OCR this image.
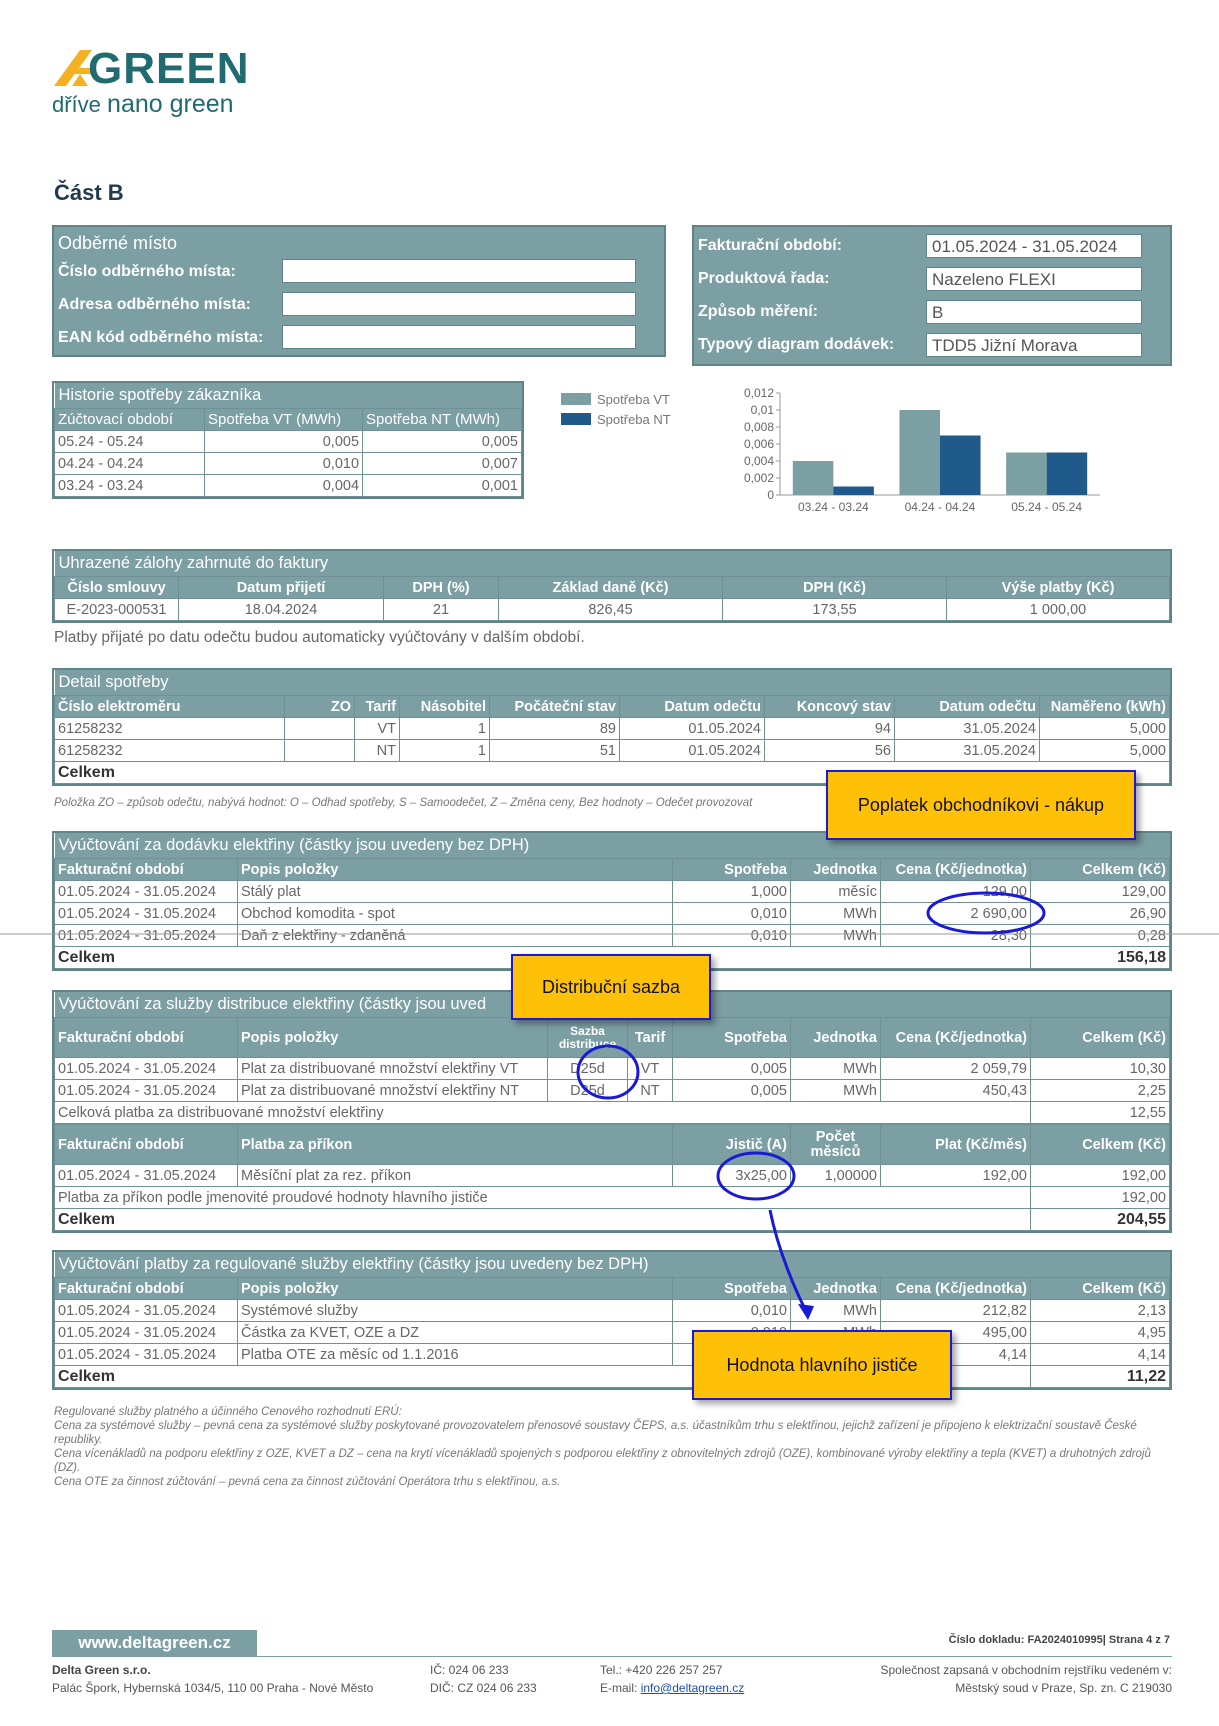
GREEN
dříve nano green
Část B
Odběrné místo
Číslo odběrného místa:
Adresa odběrného místa:
EAN kód odběrného místa:
Fakturační období:	01.05.2024 - 31.05.2024
Produktová řada:	Nazeleno FLEXI
Způsob měření:	B
Typový diagram dodávek:	TDD5 Jižní Morava
Historie spotřeby zákazníka		
Zúčtovací období	Spotřeba VT (MWh)	Spotřeba NT (MWh)
05.24 - 05.24	0,005	0,005
04.24 - 04.24	0,010	0,007
03.24 - 03.24	0,004	0,001
Spotřeba VT
Spotřeba NT
0
0,002
0,004
0,006
0,008
0,01
0,012
03.24 - 03.24	04.24 - 04.24	05.24 - 05.24
Uhrazené zálohy zahrnuté do faktury					
Číslo smlouvy	Datum přijetí	DPH (%)	Základ daně (Kč)	DPH (Kč)	Výše platby (Kč)
E-2023-000531	18.04.2024	21	826,45	173,55	1 000,00
Platby přijaté po datu odečtu budou automaticky vyúčtovány v dalším období.
Detail spotřeby								
Číslo elektroměru	ZO	Tarif	Násobitel	Počáteční stav	Datum odečtu	Koncový stav	Datum odečtu	Naměřeno (kWh)
61258232		VT	1	89	01.05.2024	94	31.05.2024	5,000
61258232		NT	1	51	01.05.2024	56	31.05.2024	5,000
Celkem								
Položka ZO – způsob odečtu, nabývá hodnot: O – Odhad spotřeby, S – Samoodečet, Z – Změna ceny, Bez hodnoty – Odečet provozovat
Vyúčtování za dodávku elektřiny (částky jsou uvedeny bez DPH)					
Fakturační období	Popis položky	Spotřeba	Jednotka	Cena (Kč/jednotka)	Celkem (Kč)
01.05.2024 - 31.05.2024	Stálý plat	1,000	měsíc	129,00	129,00
01.05.2024 - 31.05.2024	Obchod komodita - spot	0,010	MWh	2 690,00	26,90
01.05.2024 - 31.05.2024	Daň z elektřiny - zdaněná	0,010	MWh	28,30	0,28
Celkem					156,18
Vyúčtování za služby distribuce elektřiny (částky jsou uved							
Fakturační období	Popis položky	Sazba distribuce	Tarif	Spotřeba	Jednotka	Cena (Kč/jednotka)	Celkem (Kč)
01.05.2024 - 31.05.2024	Plat za distribuované množství elektřiny VT	D25d	VT	0,005	MWh	2 059,79	10,30
01.05.2024 - 31.05.2024	Plat za distribuované množství elektřiny NT	D25d	NT	0,005	MWh	450,43	2,25
Celková platba za distribuované množství elektřiny							12,55
Fakturační období	Platba za příkon	Jistič (A)	Počet měsíců	Plat (Kč/měs)	Celkem (Kč)
01.05.2024 - 31.05.2024	Měsíční plat za rez. příkon	3x25,00	1,00000	192,00	192,00
Platba za příkon podle jmenovité proudové hodnoty hlavního jističe					192,00
Celkem					204,55
Vyúčtování platby za regulované služby elektřiny (částky jsou uvedeny bez DPH)					
Fakturační období	Popis položky	Spotřeba	Jednotka	Cena (Kč/jednotka)	Celkem (Kč)
01.05.2024 - 31.05.2024	Systémové služby	0,010	MWh	212,82	2,13
01.05.2024 - 31.05.2024	Částka za KVET, OZE a DZ			495,00	4,95
01.05.2024 - 31.05.2024	Platba OTE za měsíc od 1.1.2016			4,14	4,14
Celkem					11,22
Regulované služby platného a účinného Cenového rozhodnutí ERÚ:
Cena za systémové služby – pevná cena za systémové služby poskytované provozovatelem přenosové soustavy ČEPS, a.s. účastníkům trhu s elektřinou, jejichž zařízení je připojeno k elektrizační soustavě České republiky.
Cena vícenákladů na podporu elektřiny z OZE, KVET a DZ – cena na krytí vícenákladů spojených s podporou elektřiny z obnovitelných zdrojů (OZE), kombinované výroby elektřiny a tepla (KVET) a druhotných zdrojů (DZ).
Cena OTE za činnost zúčtování – pevná cena za činnost zúčtování Operátora trhu s elektřinou, a.s.
Poplatek obchodníkovi - nákup
Distribuční sazba
Hodnota hlavního jističe
www.deltagreen.cz	Číslo dokladu: FA2024010995| Strana 4 z 7
Delta Green s.r.o.
Palác Špork, Hybernská 1034/5, 110 00 Praha - Nové Město
IČ: 024 06 233
DIČ: CZ 024 06 233
Tel.: +420 226 257 257
E-mail: info@deltagreen.cz
Společnost zapsaná v obchodním rejstříku vedeném v:
Městský soud v Praze, Sp. zn. C 219030
